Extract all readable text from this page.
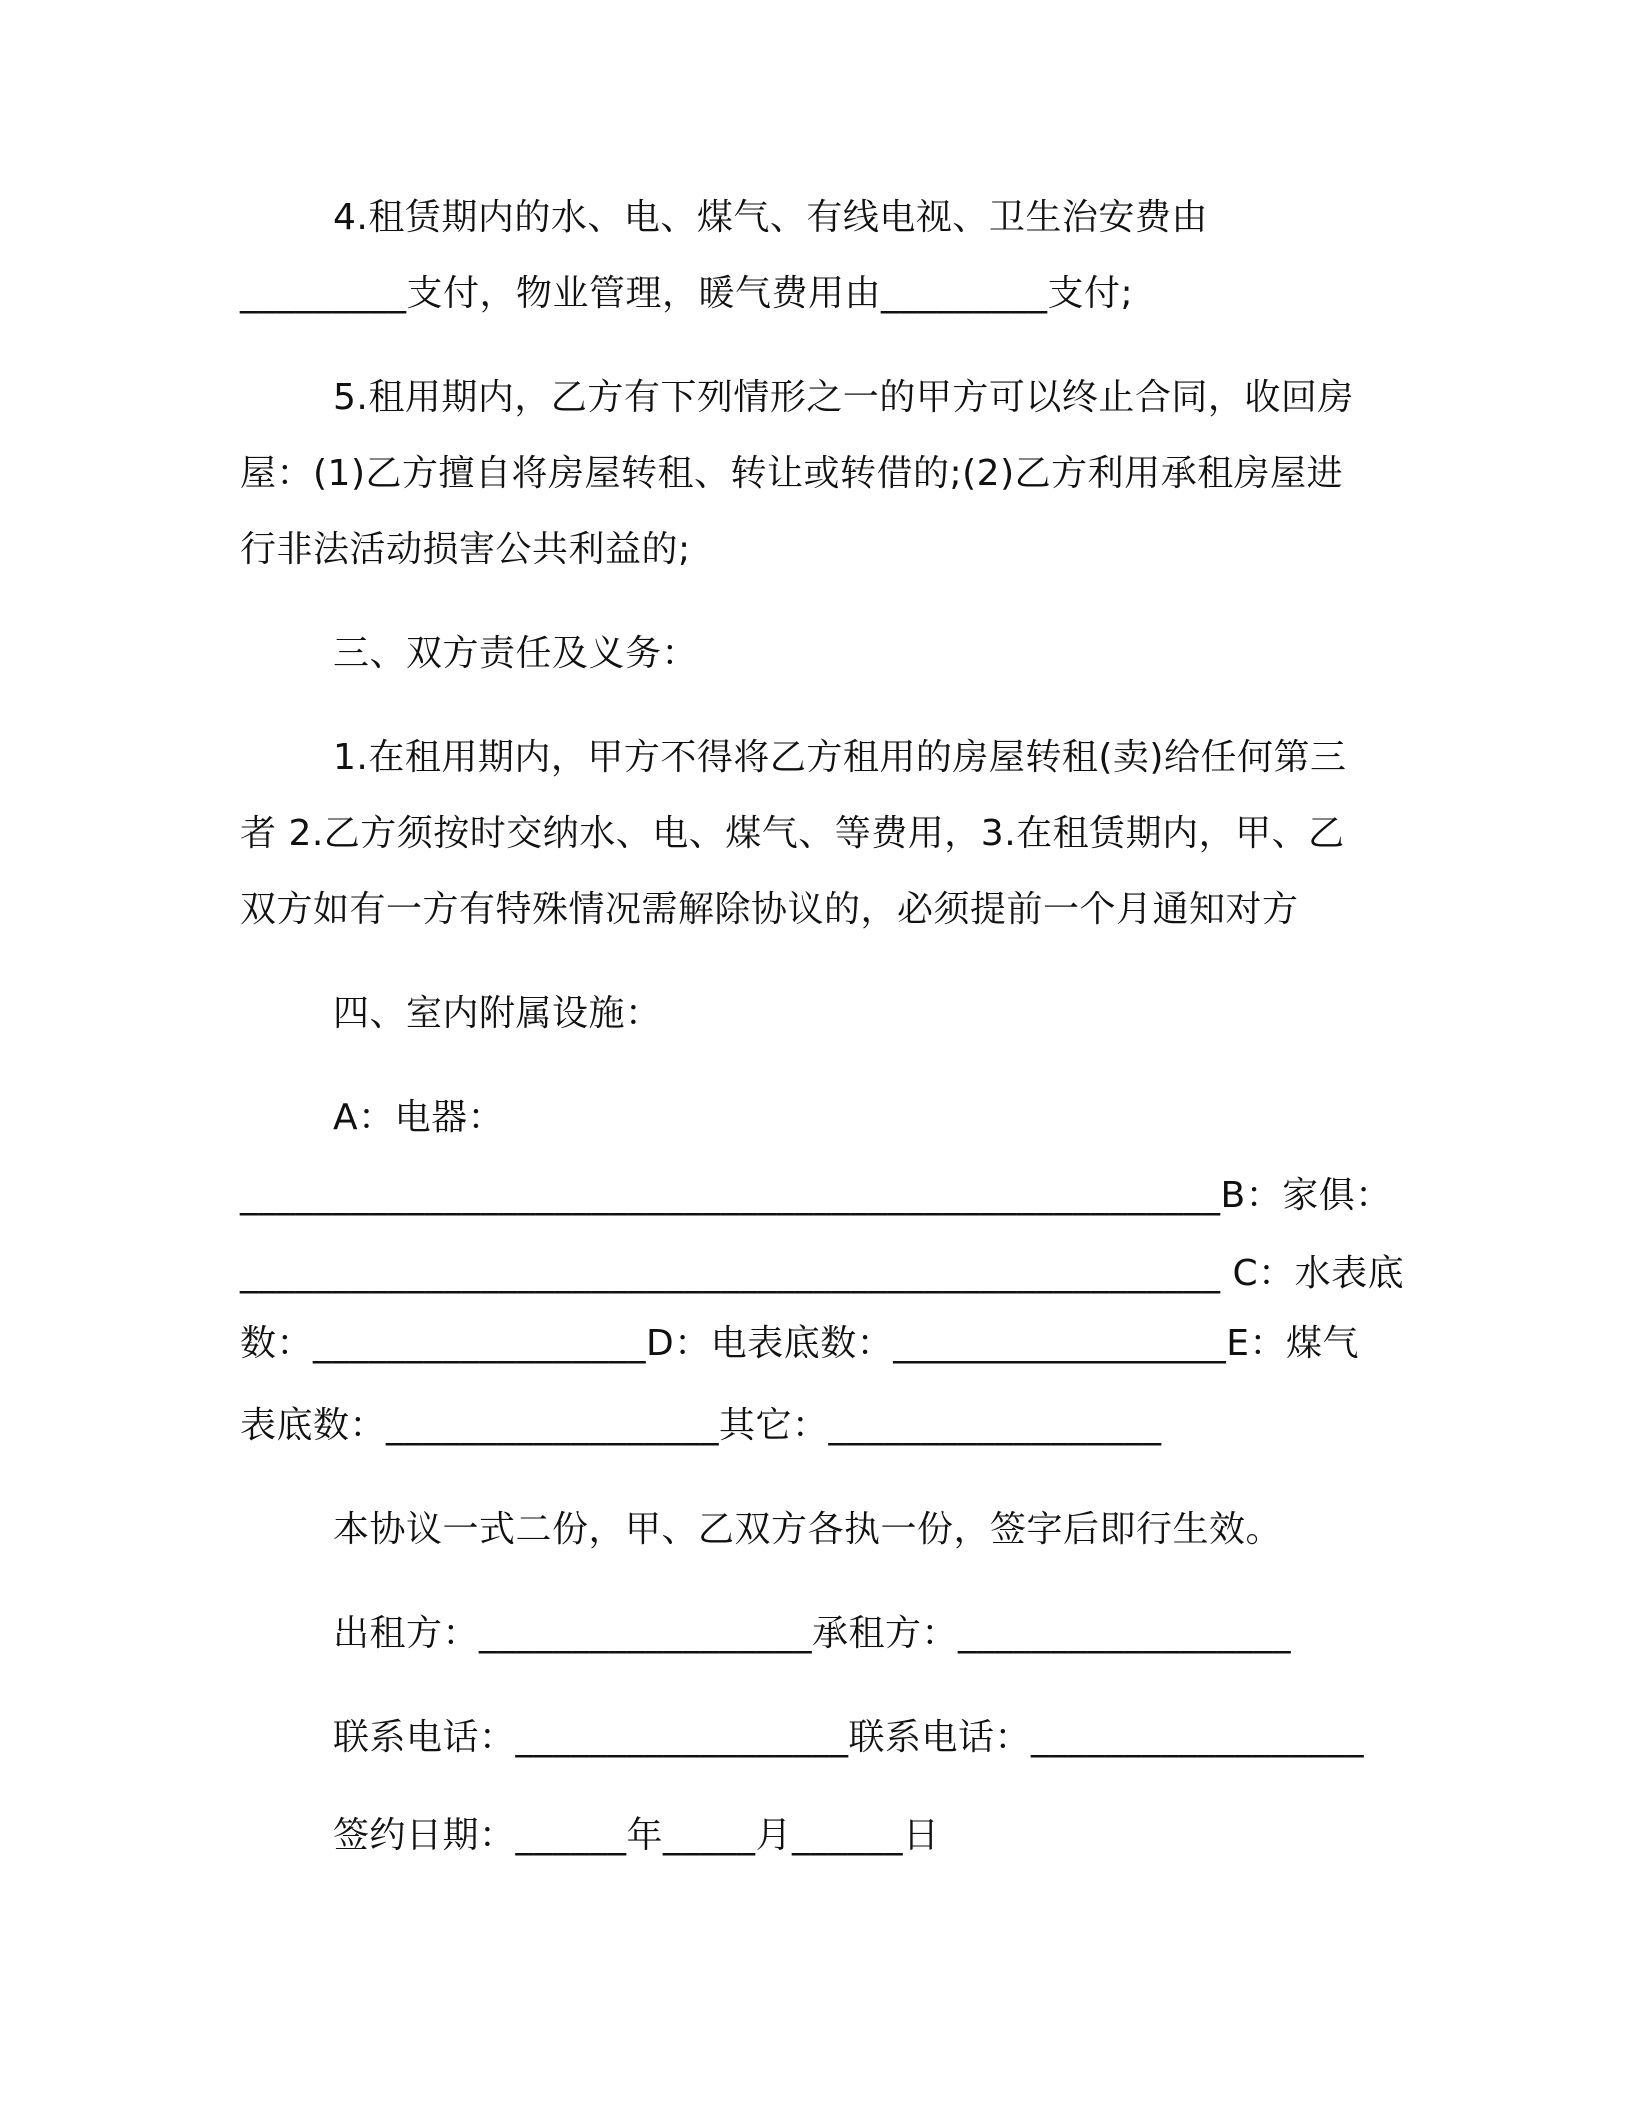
4.租赁期内的水、电、煤气、有线电视、卫生治安费由
_________支付，物业管理，暖气费用由_________支付;
5.租用期内，乙方有下列情形之一的甲方可以终止合同，收回房
屋：(1)乙方擅自将房屋转租、转让或转借的;(2)乙方利用承租房屋进
行非法活动损害公共利益的;
三、双方责任及义务：
1.在租用期内，甲方不得将乙方租用的房屋转租(卖)给任何第三
者 2.乙方须按时交纳水、电、煤气、等费用，3.在租赁期内，甲、乙
双方如有一方有特殊情况需解除协议的，必须提前一个月通知对方
四、室内附属设施：
A：电器：
_____________________________________________________B：家俱：
_____________________________________________________ C：水表底
数：__________________D：电表底数：__________________E：煤气
表底数：__________________其它：__________________
本协议一式二份，甲、乙双方各执一份，签字后即行生效。
出租方：__________________承租方：__________________
联系电话：__________________联系电话：__________________
签约日期：______年_____月______日
